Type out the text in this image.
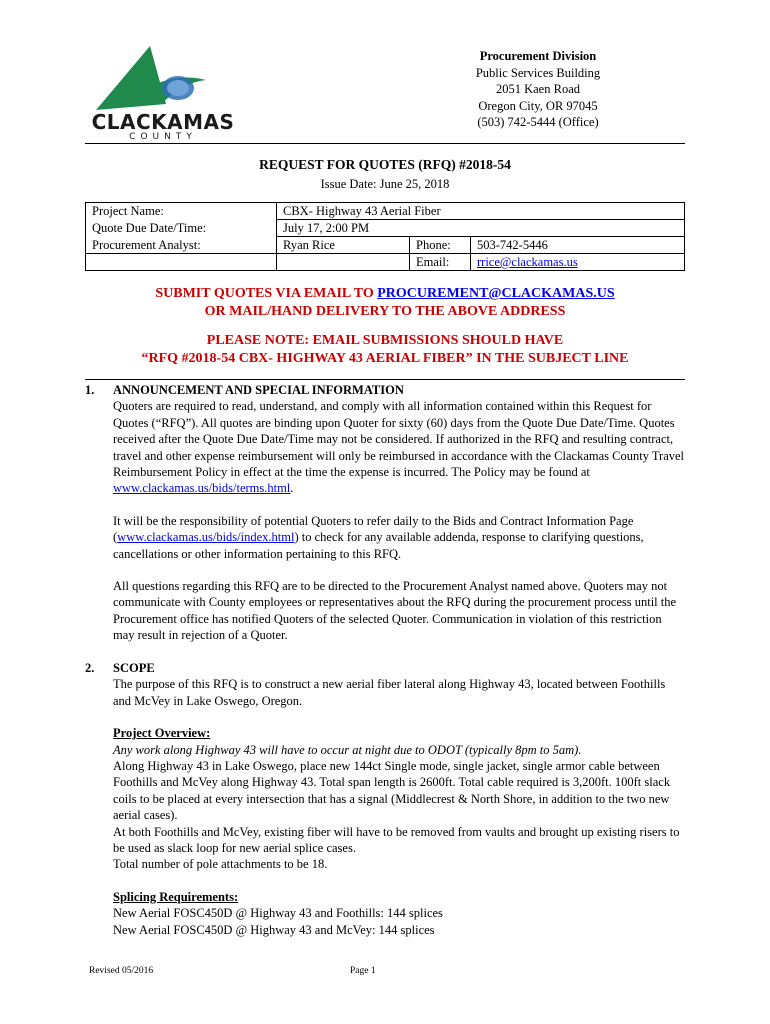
CLACKAMAS
COUNTY
Procurement Division
Public Services Building
2051 Kaen Road
Oregon City, OR 97045
(503) 742-5444 (Office)
REQUEST FOR QUOTES (RFQ) #2018-54
Issue Date: June 25, 2018
Project Name:	CBX- Highway 43 Aerial Fiber
Quote Due Date/Time:	July 17, 2:00 PM
Procurement Analyst:	Ryan Rice		Phone:	503-742-5446

Email:	rrice@clackamas.us
SUBMIT QUOTES VIA EMAIL TO PROCUREMENT@CLACKAMAS.US
OR MAIL/HAND DELIVERY TO THE ABOVE ADDRESS
PLEASE NOTE: EMAIL SUBMISSIONS SHOULD HAVE
“RFQ #2018-54 CBX- HIGHWAY 43 AERIAL FIBER” IN THE SUBJECT LINE
1. ANNOUNCEMENT AND SPECIAL INFORMATION

Quoters are required to read, understand, and comply with all information contained within this Request for Quotes (“RFQ”). All quotes are binding upon Quoter for sixty (60) days from the Quote Due Date/Time. Quotes received after the Quote Due Date/Time may not be considered. If authorized in the RFQ and resulting contract, travel and other expense reimbursement will only be reimbursed in accordance with the Clackamas County Travel Reimbursement Policy in effect at the time the expense is incurred. The Policy may be found at www.clackamas.us/bids/terms.html.

It will be the responsibility of potential Quoters to refer daily to the Bids and Contract Information Page (www.clackamas.us/bids/index.html) to check for any available addenda, response to clarifying questions, cancellations or other information pertaining to this RFQ.

All questions regarding this RFQ are to be directed to the Procurement Analyst named above. Quoters may not communicate with County employees or representatives about the RFQ during the procurement process until the Procurement office has notified Quoters of the selected Quoter. Communication in violation of this restriction may result in rejection of a Quoter.

2. SCOPE

The purpose of this RFQ is to construct a new aerial fiber lateral along Highway 43, located between Foothills and McVey in Lake Oswego, Oregon.

Project Overview:
Any work along Highway 43 will have to occur at night due to ODOT (typically 8pm to 5am).
Along Highway 43 in Lake Oswego, place new 144ct Single mode, single jacket, single armor cable between Foothills and McVey along Highway 43. Total span length is 2600ft. Total cable required is 3,200ft. 100ft slack coils to be placed at every intersection that has a signal (Middlecrest & North Shore, in addition to the two new aerial cases).
At both Foothills and McVey, existing fiber will have to be removed from vaults and brought up existing risers to be used as slack loop for new aerial splice cases.
Total number of pole attachments to be 18.
Splicing Requirements:
New Aerial FOSC450D @ Highway 43 and Foothills: 144 splices
New Aerial FOSC450D @ Highway 43 and McVey: 144 splices
Revised 05/2016	Page 1
